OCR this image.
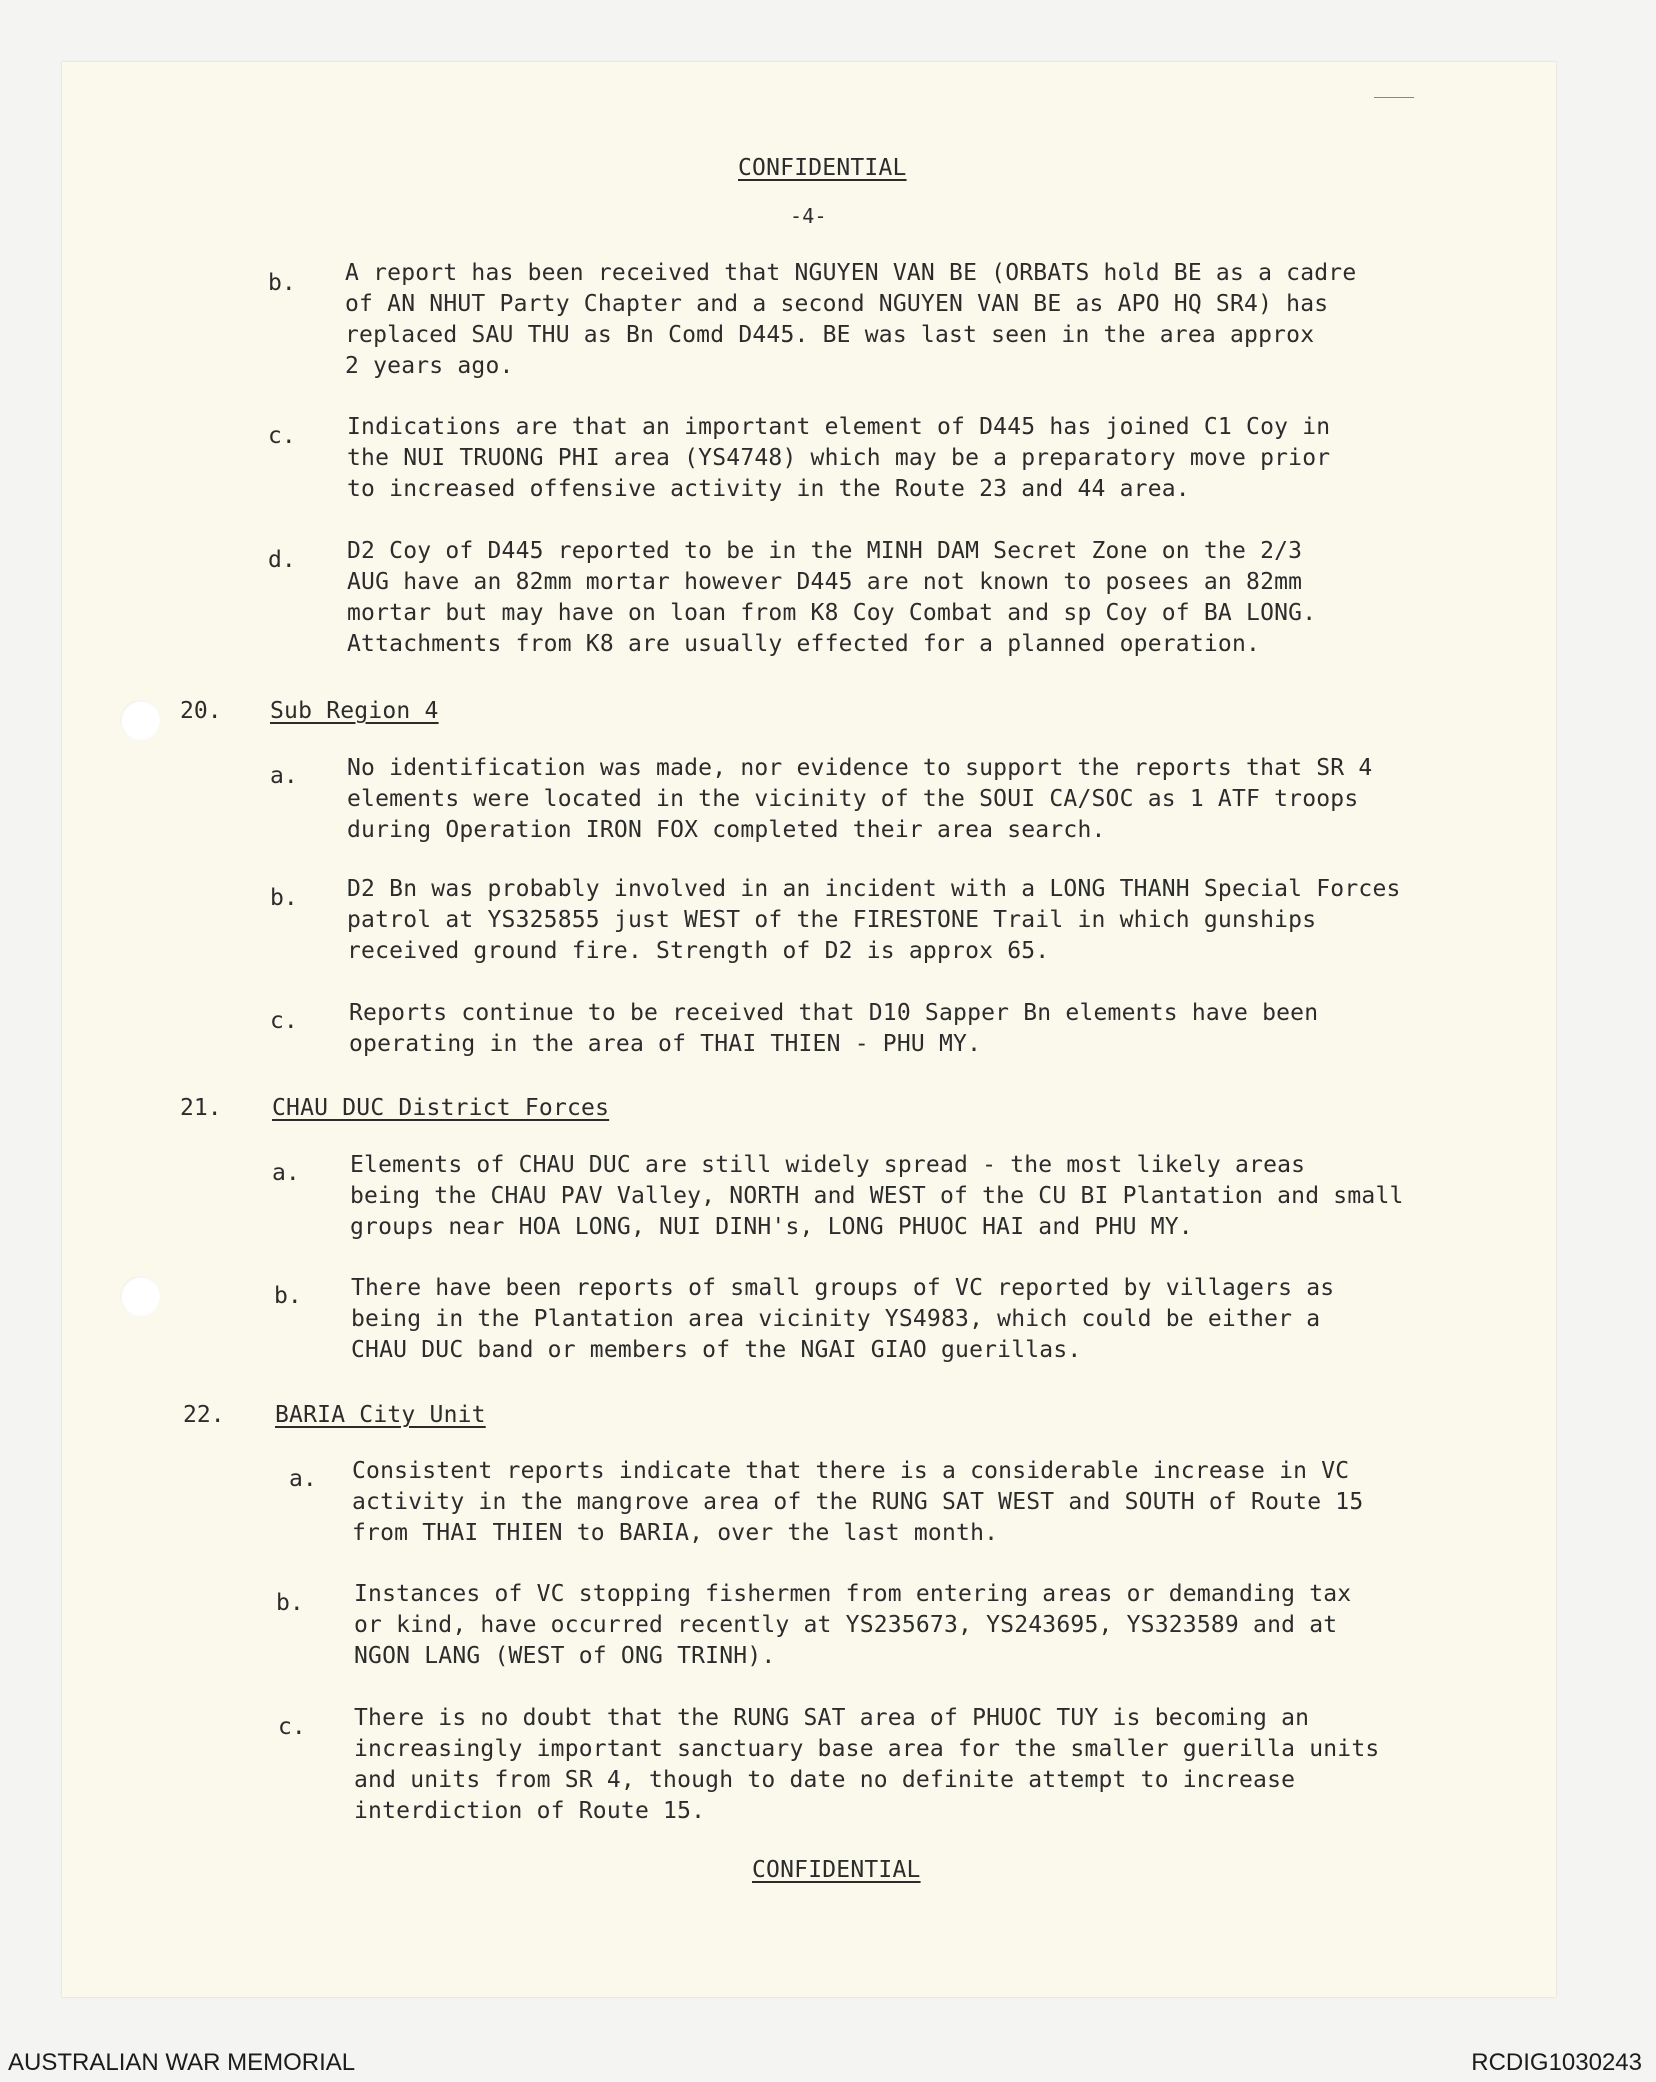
CONFIDENTIAL
-4-
b. A report has been received that NGUYEN VAN BE (ORBATS hold BE as a cadre
of AN NHUT Party Chapter and a second NGUYEN VAN BE as APO HQ SR4) has
replaced SAU THU as Bn Comd D445. BE was last seen in the area approx
2 years ago.
c. Indications are that an important element of D445 has joined C1 Coy in
the NUI TRUONG PHI area (YS4748) which may be a preparatory move prior
to increased offensive activity in the Route 23 and 44 area.
d. D2 Coy of D445 reported to be in the MINH DAM Secret Zone on the 2/3
AUG have an 82mm mortar however D445 are not known to posees an 82mm
mortar but may have on loan from K8 Coy Combat and sp Coy of BA LONG.
Attachments from K8 are usually effected for a planned operation.
20. Sub Region 4
a. No identification was made, nor evidence to support the reports that SR 4
elements were located in the vicinity of the SOUI CA/SOC as 1 ATF troops
during Operation IRON FOX completed their area search.
b. D2 Bn was probably involved in an incident with a LONG THANH Special Forces
patrol at YS325855 just WEST of the FIRESTONE Trail in which gunships
received ground fire. Strength of D2 is approx 65.
c. Reports continue to be received that D10 Sapper Bn elements have been
operating in the area of THAI THIEN - PHU MY.
21. CHAU DUC District Forces
a. Elements of CHAU DUC are still widely spread - the most likely areas
being the CHAU PAV Valley, NORTH and WEST of the CU BI Plantation and small
groups near HOA LONG, NUI DINH's, LONG PHUOC HAI and PHU MY.
b. There have been reports of small groups of VC reported by villagers as
being in the Plantation area vicinity YS4983, which could be either a
CHAU DUC band or members of the NGAI GIAO guerillas.
22. BARIA City Unit
a. Consistent reports indicate that there is a considerable increase in VC
activity in the mangrove area of the RUNG SAT WEST and SOUTH of Route 15
from THAI THIEN to BARIA, over the last month.
b. Instances of VC stopping fishermen from entering areas or demanding tax
or kind, have occurred recently at YS235673, YS243695, YS323589 and at
NGON LANG (WEST of ONG TRINH).
c. There is no doubt that the RUNG SAT area of PHUOC TUY is becoming an
increasingly important sanctuary base area for the smaller guerilla units
and units from SR 4, though to date no definite attempt to increase
interdiction of Route 15.
CONFIDENTIAL
AUSTRALIAN WAR MEMORIAL	RCDIG1030243
